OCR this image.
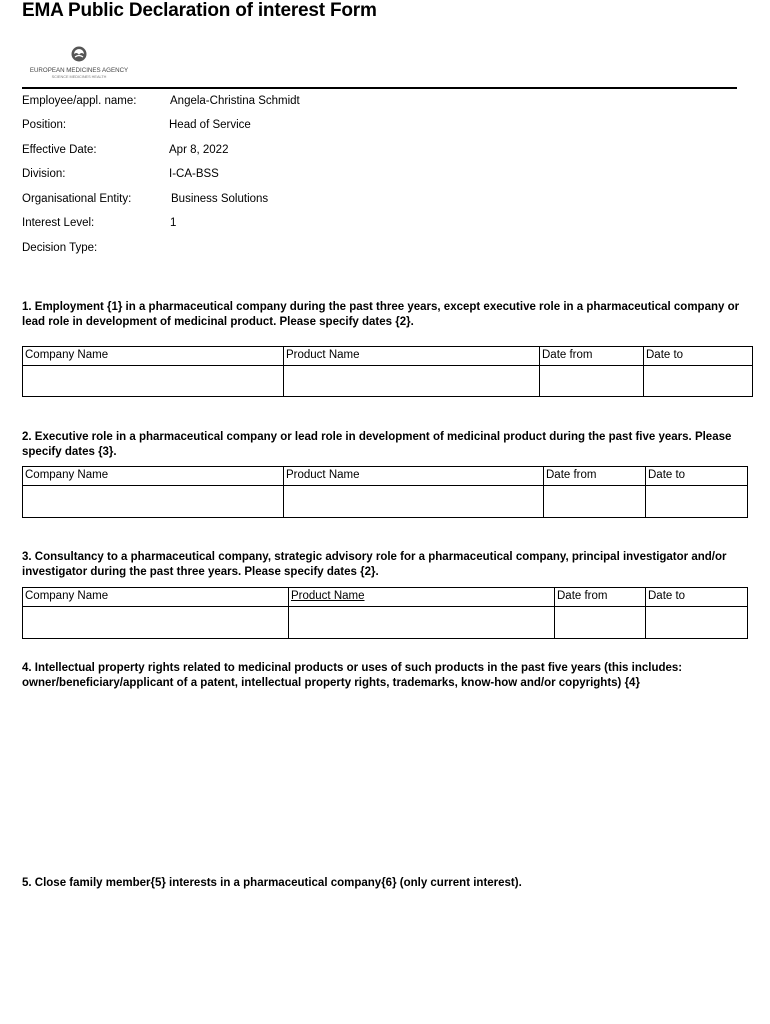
EMA Public Declaration of interest Form
EUROPEAN MEDICINES AGENCY
SCIENCE MEDICINES HEALTH
Employee/appl. name:	Angela-Christina Schmidt
Position:	Head of Service
Effective Date:	Apr 8, 2022
Division:	I-CA-BSS
Organisational Entity:	Business Solutions
Interest Level:	1
Decision Type:

1. Employment {1} in a pharmaceutical company during the past three years, except executive role in a pharmaceutical company or lead role in development of medicinal product. Please specify dates {2}.

Company Name	Product Name	Date from	Date to

2. Executive role in a pharmaceutical company or lead role in development of medicinal product during the past five years. Please specify dates {3}.

Company Name	Product Name	Date from	Date to

3. Consultancy to a pharmaceutical company, strategic advisory role for a pharmaceutical company, principal investigator and/or investigator during the past three years. Please specify dates {2}.

Company Name	Product Name	Date from	Date to

4. Intellectual property rights related to medicinal products or uses of such products in the past five years (this includes: owner/beneficiary/applicant of a patent, intellectual property rights, trademarks, know-how and/or copyrights) {4}

5. Close family member{5} interests in a pharmaceutical company{6} (only current interest).
